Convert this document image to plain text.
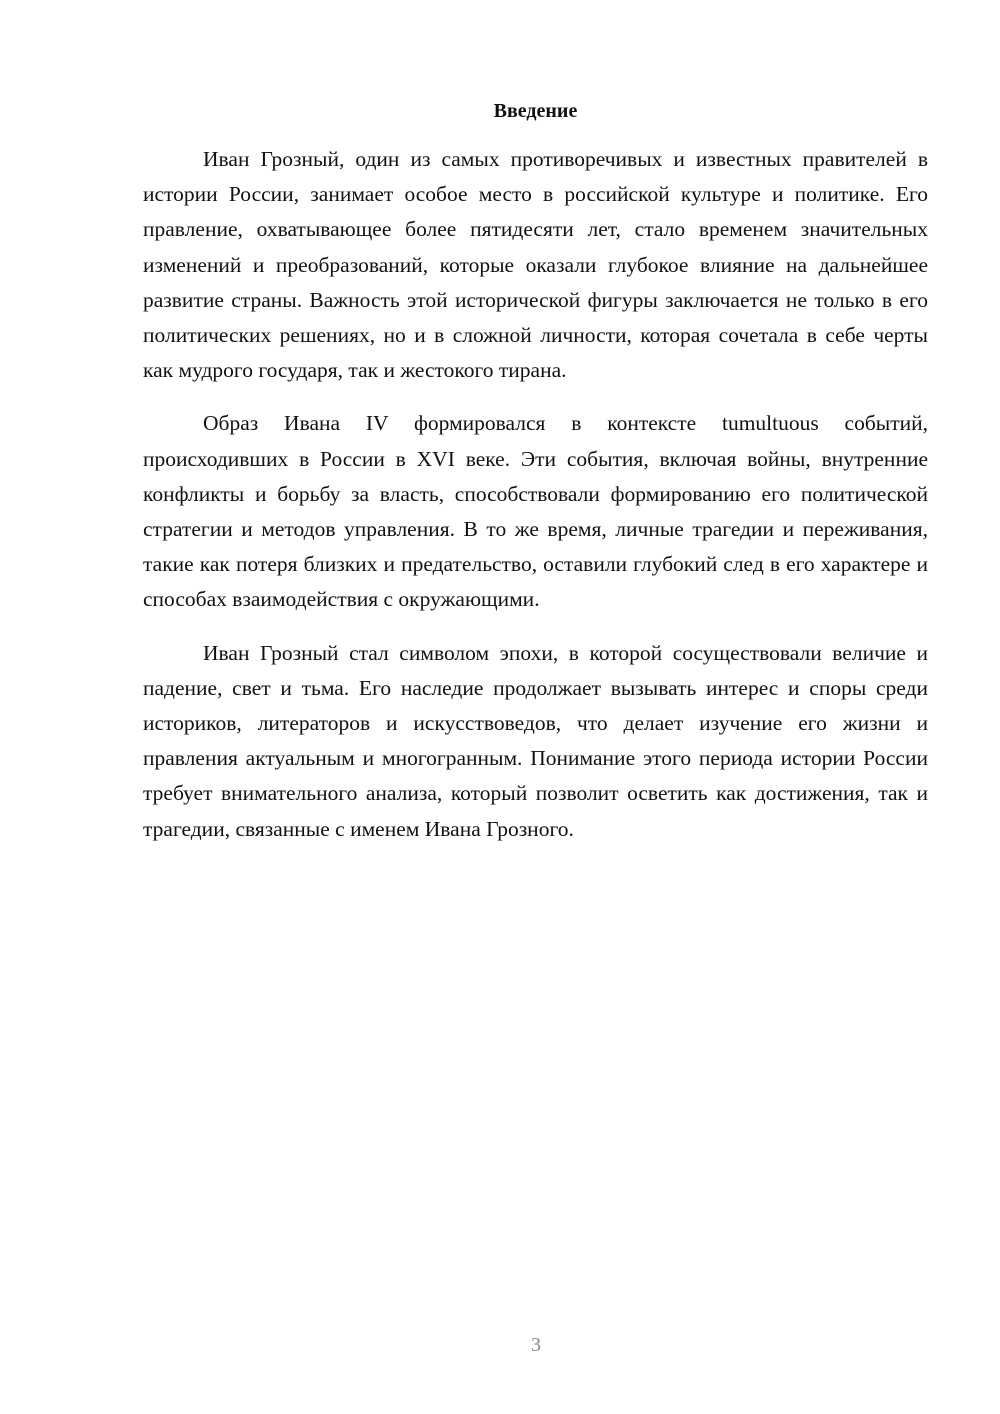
Введение

Иван Грозный, один из самых противоречивых и известных правителей в истории России, занимает особое место в российской культуре и политике. Его правление, охватывающее более пятидесяти лет, стало временем значительных изменений и преобразований, которые оказали глубокое влияние на дальнейшее развитие страны. Важность этой исторической фигуры заключается не только в его политических решениях, но и в сложной личности, которая сочетала в себе черты как мудрого государя, так и жестокого тирана.

Образ Ивана IV формировался в контексте tumultuous событий, происходивших в России в XVI веке. Эти события, включая войны, внутренние конфликты и борьбу за власть, способствовали формированию его политической стратегии и методов управления. В то же время, личные трагедии и переживания, такие как потеря близких и предательство, оставили глубокий след в его характере и способах взаимодействия с окружающими.

Иван Грозный стал символом эпохи, в которой сосуществовали величие и падение, свет и тьма. Его наследие продолжает вызывать интерес и споры среди историков, литераторов и искусствоведов, что делает изучение его жизни и правления актуальным и многогранным. Понимание этого периода истории России требует внимательного анализа, который позволит осветить как достижения, так и трагедии, связанные с именем Ивана Грозного.

3
